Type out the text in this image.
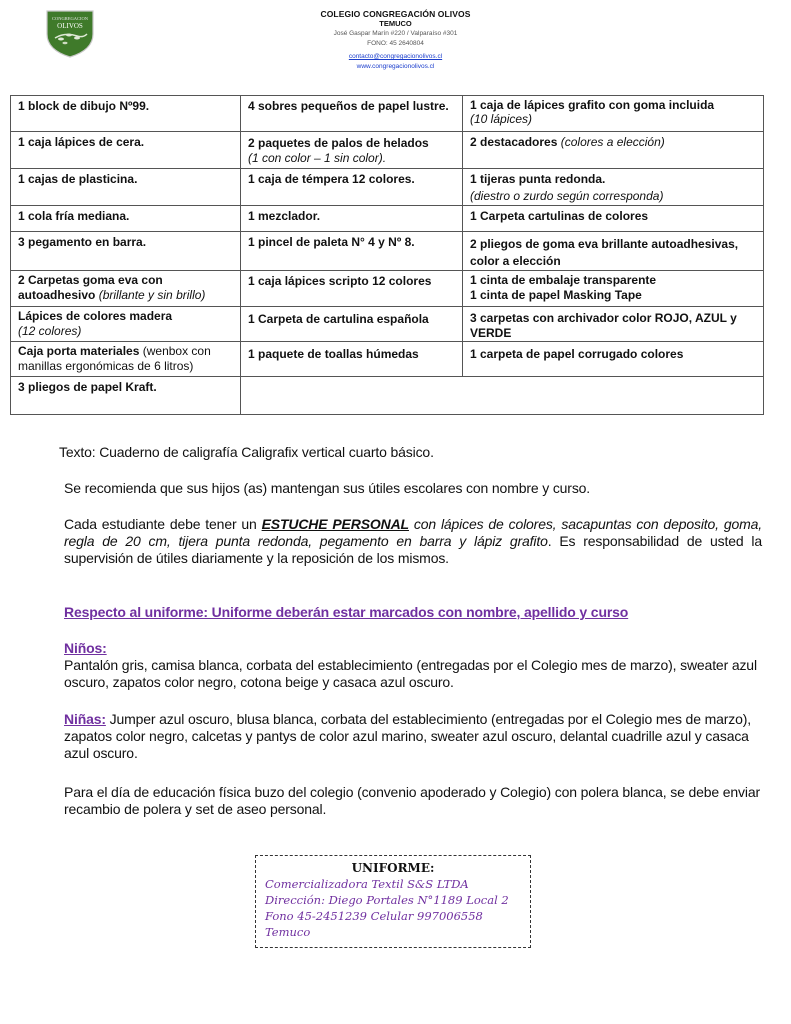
CONGREGACION
OLIVOS
COLEGIO CONGREGACIÓN OLIVOS
TEMUCO
José Gaspar Marín #220 / Valparaíso #301
FONO: 45 2640804
contacto@congregacionolivos.cl
www.congregacionolivos.cl
1 block de dibujo Nº99.	4 sobres pequeños de papel lustre.	1 caja de lápices grafito con goma incluida
(10 lápices)
1 caja lápices de cera.	2 paquetes de palos de helados
(1 con color – 1 sin color).	2 destacadores (colores a elección)
1 cajas de plasticina.	1 caja de témpera 12 colores.	1 tijeras punta redonda.
(diestro o zurdo según corresponda)
1 cola fría mediana.	1 mezclador.	1 Carpeta cartulinas de colores
3 pegamento en barra.	1 pincel de paleta N° 4 y Nº 8.	2 pliegos de goma eva brillante autoadhesivas, color a elección
2 Carpetas goma eva con autoadhesivo (brillante y sin brillo)	1 caja lápices scripto 12 colores	1 cinta de embalaje transparente
1 cinta de papel Masking Tape
Lápices de colores madera
(12 colores)	1 Carpeta de cartulina española	3 carpetas con archivador color ROJO, AZUL y VERDE
Caja porta materiales (wenbox con manillas ergonómicas de 6 litros)	1 paquete de toallas húmedas	1 carpeta de papel corrugado colores
3 pliegos de papel Kraft.		
Texto: Cuaderno de caligrafía Caligrafix vertical cuarto básico.
Se recomienda que sus hijos (as) mantengan sus útiles escolares con nombre y curso.
Cada estudiante debe tener un ESTUCHE PERSONAL con lápices de colores, sacapuntas con deposito, goma, regla de 20 cm, tijera punta redonda, pegamento en barra y lápiz grafito. Es responsabilidad de usted la supervisión de útiles diariamente y la reposición de los mismos.
Respecto al uniforme: Uniforme deberán estar marcados con nombre, apellido y curso
Niños:
Pantalón gris, camisa blanca, corbata del establecimiento (entregadas por el Colegio mes de marzo), sweater azul oscuro, zapatos color negro, cotona beige y casaca azul oscuro.
Niñas: Jumper azul oscuro, blusa blanca, corbata del establecimiento (entregadas por el Colegio mes de marzo), zapatos color negro, calcetas y pantys de color azul marino, sweater azul oscuro, delantal cuadrille azul y casaca azul oscuro.
Para el día de educación física buzo del colegio (convenio apoderado y Colegio) con polera blanca, se debe enviar recambio de polera y set de aseo personal.
UNIFORME:
Comercializadora Textil S&S LTDA
Dirección: Diego Portales N°1189 Local 2
Fono 45-2451239 Celular 997006558
Temuco
